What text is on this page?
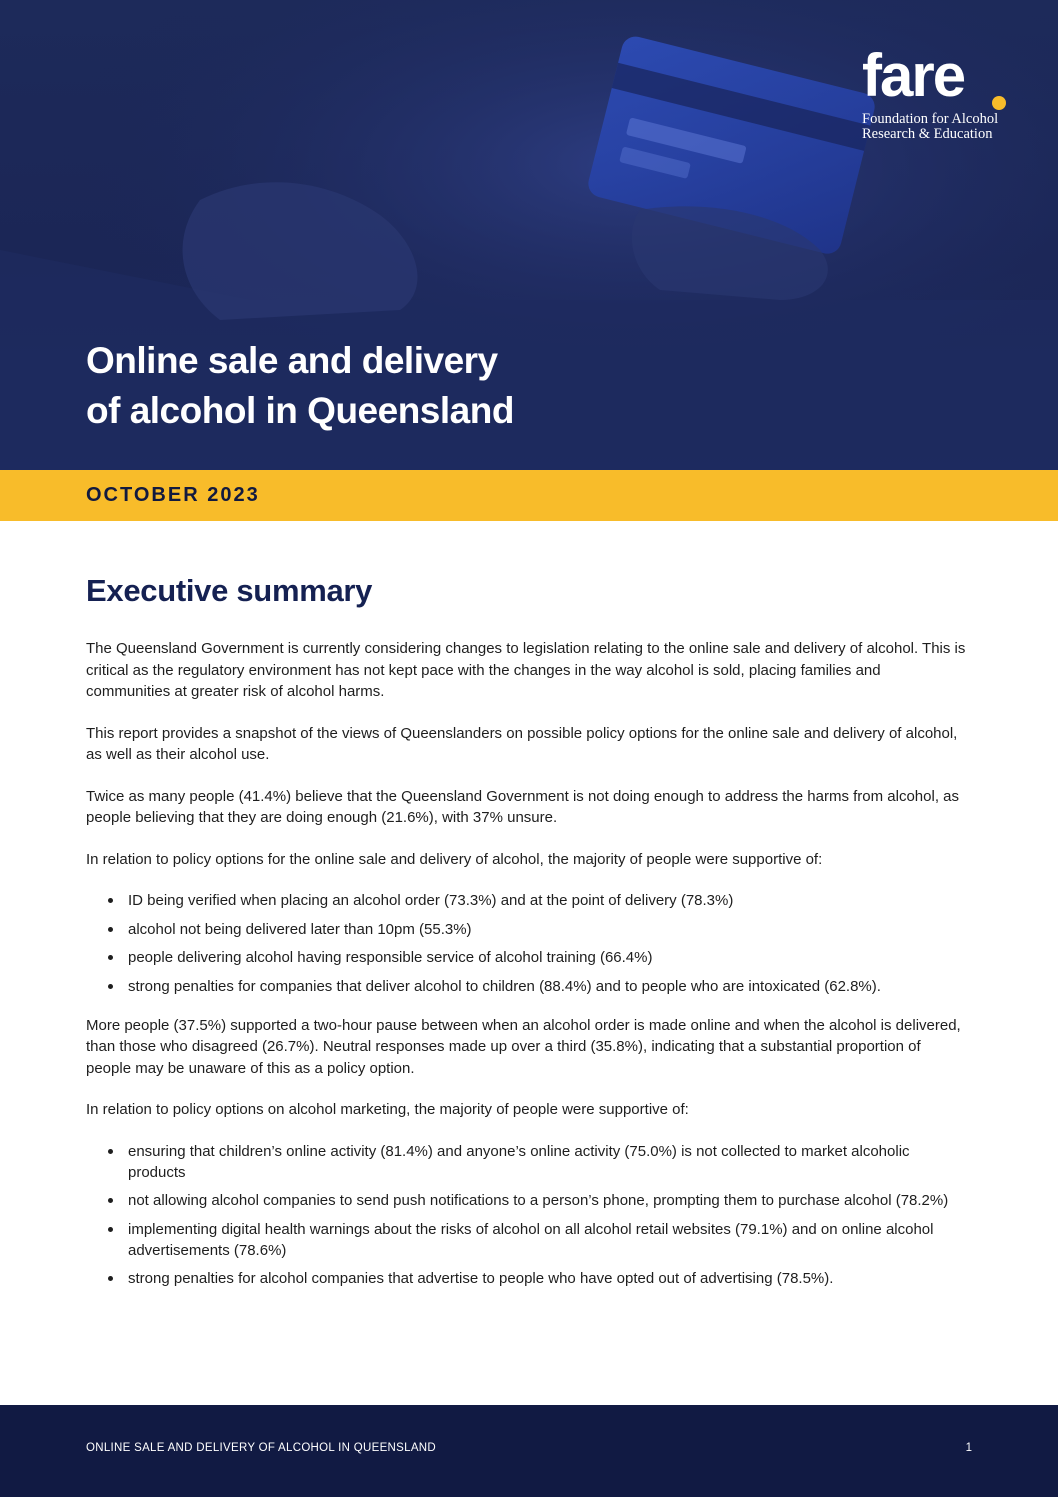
fare
Foundation for Alcohol
Research & Education
Online sale and delivery
of alcohol in Queensland
OCTOBER 2023
Executive summary

The Queensland Government is currently considering changes to legislation relating to the online sale and delivery of alcohol. This is critical as the regulatory environment has not kept pace with the changes in the way alcohol is sold, placing families and communities at greater risk of alcohol harms.

This report provides a snapshot of the views of Queenslanders on possible policy options for the online sale and delivery of alcohol, as well as their alcohol use.

Twice as many people (41.4%) believe that the Queensland Government is not doing enough to address the harms from alcohol, as people believing that they are doing enough (21.6%), with 37% unsure.

In relation to policy options for the online sale and delivery of alcohol, the majority of people were supportive of:

ID being verified when placing an alcohol order (73.3%) and at the point of delivery (78.3%)
alcohol not being delivered later than 10pm (55.3%)
people delivering alcohol having responsible service of alcohol training (66.4%)
strong penalties for companies that deliver alcohol to children (88.4%) and to people who are intoxicated (62.8%).

More people (37.5%) supported a two-hour pause between when an alcohol order is made online and when the alcohol is delivered, than those who disagreed (26.7%). Neutral responses made up over a third (35.8%), indicating that a substantial proportion of people may be unaware of this as a policy option.

In relation to policy options on alcohol marketing, the majority of people were supportive of:

ensuring that children’s online activity (81.4%) and anyone’s online activity (75.0%) is not collected to market alcoholic products
not allowing alcohol companies to send push notifications to a person’s phone, prompting them to purchase alcohol (78.2%)
implementing digital health warnings about the risks of alcohol on all alcohol retail websites (79.1%) and on online alcohol advertisements (78.6%)
strong penalties for alcohol companies that advertise to people who have opted out of advertising (78.5%).
ONLINE SALE AND DELIVERY OF ALCOHOL IN QUEENSLAND	1
